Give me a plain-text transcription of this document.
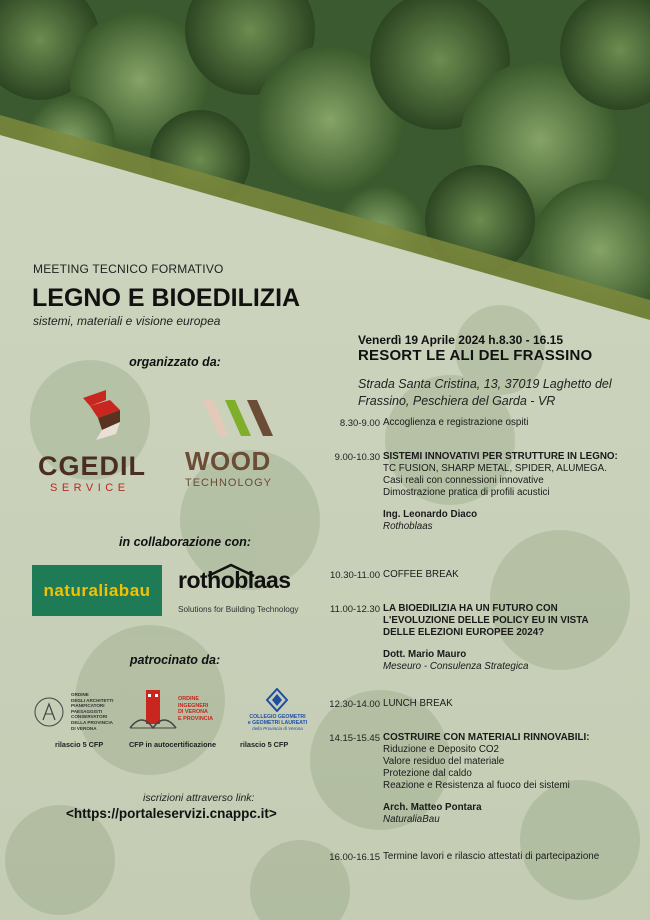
MEETING TECNICO FORMATIVO
LEGNO E BIOEDILIZIA
sistemi, materiali e visione europea
Venerdì 19 Aprile 2024 h.8.30 - 16.15
RESORT LE ALI DEL FRASSINO
Strada Santa Cristina, 13, 37019 Laghetto del
Frassino, Peschiera del Garda - VR
organizzato da:
CGEDIL
SERVICE
WOOD
TECHNOLOGY
in collaborazione con:
naturaliabau rothoblaas
Solutions for Building Technology
patrocinato da:
ORDINE
DEGLI ARCHITETTI
PIANIFICATORI
PAESAGGISTI
CONSERVATORI
DELLA PROVINCIA
DI VERONA
ORDINE
INGEGNERI
DI VERONA
E PROVINCIA	COLLEGIO GEOMETRI
e GEOMETRI LAUREATI
della Provincia di Verona
rilascio 5 CFP	CFP in autocertificazione	rilascio 5 CFP
iscrizioni attraverso link:
<https://portaleservizi.cnappc.it>
8.30-9.00 Accoglienza e registrazione ospiti
9.00-10.30 SISTEMI INNOVATIVI PER STRUTTURE IN LEGNO:
TC FUSION, SHARP METAL, SPIDER, ALUMEGA.
Casi reali con connessioni innovative
Dimostrazione pratica di profili acustici
Ing. Leonardo Diaco
Rothoblaas
10.30-11.00 COFFEE BREAK
11.00-12.30 LA BIOEDILIZIA HA UN FUTURO CON L'EVOLUZIONE DELLE POLICY EU IN VISTA DELLE ELEZIONI EUROPEE 2024?
Dott. Mario Mauro
Meseuro - Consulenza Strategica
12.30-14.00 LUNCH BREAK
14.15-15.45 COSTRUIRE CON MATERIALI RINNOVABILI:
Riduzione e Deposito CO2
Valore residuo del materiale
Protezione dal caldo
Reazione e Resistenza al fuoco dei sistemi
Arch. Matteo Pontara
NaturaliaBau
16.00-16.15 Termine lavori e rilascio attestati di partecipazione
